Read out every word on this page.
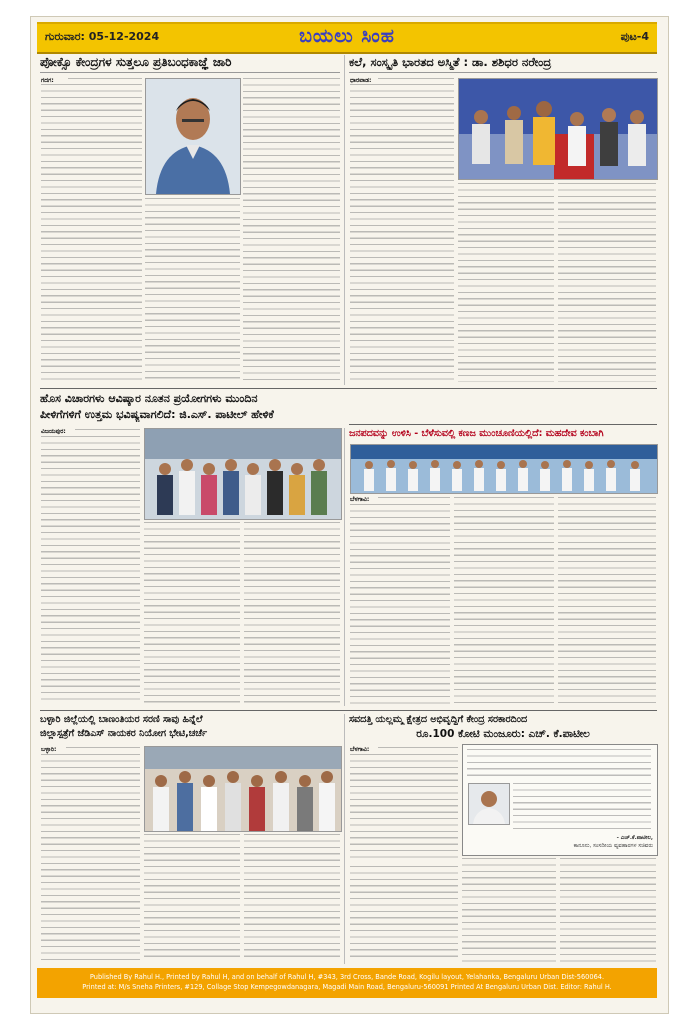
ಗುರುವಾರ: 05-12-2024	ಬಯಲು ಸಿಂಹ	ಪುಟ-4
ಪೋಕ್ಸೊ ಕೇಂದ್ರಗಳ ಸುತ್ತಲೂ ಪ್ರತಿಬಂಧಕಾಜ್ಞೆ ಜಾರಿ
ಗದಗ:
ಕಲೆ, ಸಂಸ್ಕೃತಿ ಭಾರತದ ಅಸ್ಮಿತೆ : ಡಾ. ಶಶಿಧರ ನರೇಂದ್ರ
ಧಾರವಾಡ:
ಹೊಸ ವಿಚಾರಗಳು ಆವಿಷ್ಕಾರ ನೂತನ ಪ್ರಯೋಗಗಳು ಮುಂದಿನ
ಪೀಳಿಗೆಗಳಿಗೆ ಉತ್ತಮ ಭವಿಷ್ಯವಾಗಲಿದೆ: ಜಿ.ಎಸ್. ಪಾಟೀಲ್ ಹೇಳಿಕೆ
ವಿಜಯಪುರ:	ಜನಪದವನ್ನು ಉಳಿಸಿ - ಬೆಳೆಸುವಲ್ಲಿ ಕಣಜ ಮುಂಚೂಣಿಯಲ್ಲಿದೆ: ಮಹದೇವ ಕಂಬಾಗಿ
ಬೆಳಗಾವಿ:
ಬಳ್ಳಾರಿ ಜಿಲ್ಲೆಯಲ್ಲಿ ಬಾಣಂತಿಯರ ಸರಣಿ ಸಾವು ಹಿನ್ನೆಲೆ
ಜಿಲ್ಲಾಸ್ಪತ್ರೆಗೆ ಜೆಡಿಎಸ್ ನಾಯಕರ ನಿಯೋಗ ಭೇಟಿ,ಚರ್ಚೆ
ಬಳ್ಳಾರಿ:
ಸವದತ್ತಿ ಯಲ್ಲಮ್ಮ ಕ್ಷೇತ್ರದ ಅಭಿವೃದ್ಧಿಗೆ ಕೇಂದ್ರ ಸರಕಾರದಿಂದ
ರೂ.100 ಕೋಟಿ ಮಂಜೂರು: ಎಚ್. ಕೆ.ಪಾಟೀಲ
ಬೆಳಗಾವಿ:
- ಎಚ್.ಕೆ.ಪಾಟೀಲ,
ಕಾನೂನು, ಸಂಸದೀಯ ವ್ಯವಹಾರಗಳ ಸಚಿವರು
Published By Rahul H., Printed by Rahul H, and on behalf of Rahul H, #343, 3rd Cross, Bande Road, Kogilu layout, Yelahanka, Bengaluru Urban Dist-560064.
Printed at: M/s Sneha Printers, #129, Collage Stop Kempegowdanagara, Magadi Main Road, Bengaluru-560091 Printed At Bengaluru Urban Dist. Editor: Rahul H.
